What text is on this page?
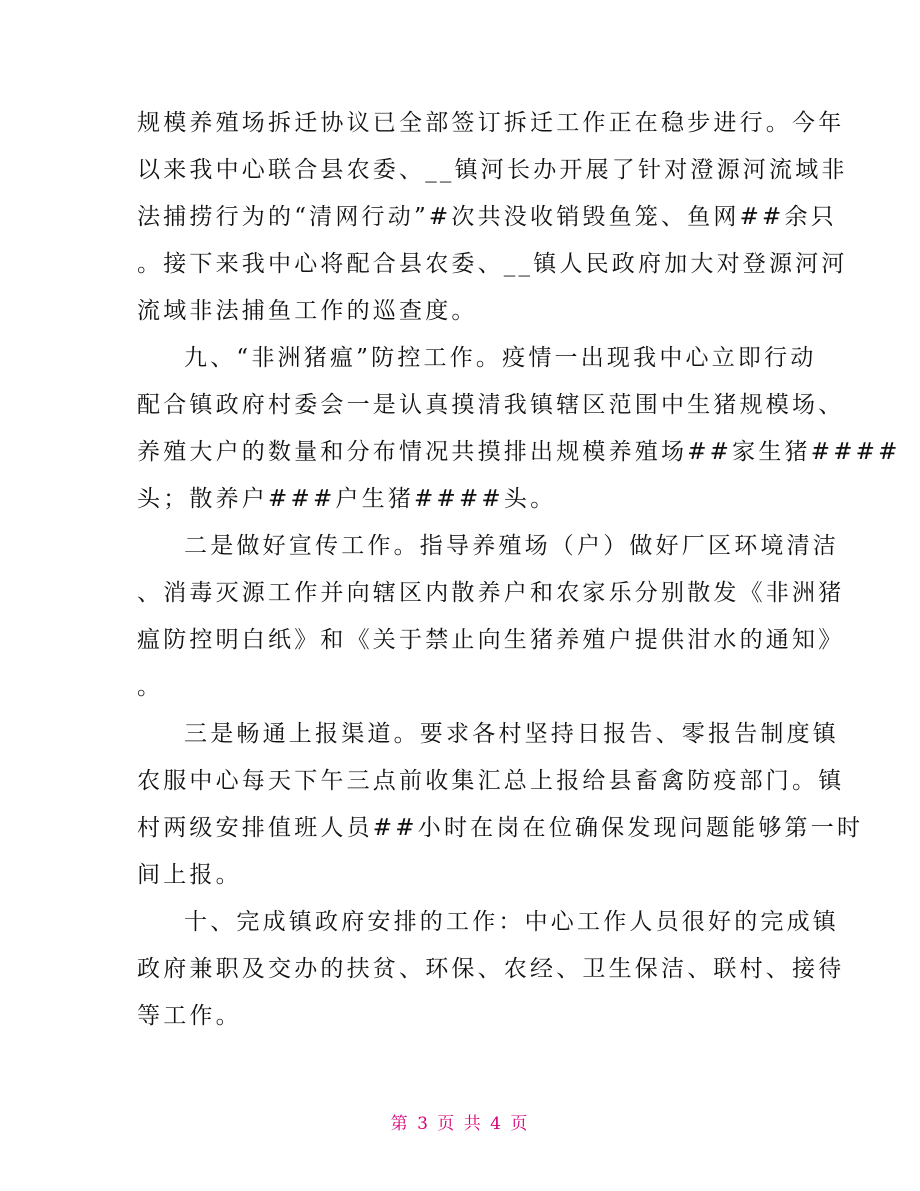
规模养殖场拆迁协议已全部签订拆迁工作正在稳步进行。今年
以来我中心联合县农委、__镇河长办开展了针对澄源河流域非
法捕捞行为的“清网行动”#次共没收销毁鱼笼、鱼网##余只
。接下来我中心将配合县农委、__镇人民政府加大对登源河河
流域非法捕鱼工作的巡查度。
九、“非洲猪瘟”防控工作。疫情一出现我中心立即行动
配合镇政府村委会一是认真摸清我镇辖区范围中生猪规模场、
养殖大户的数量和分布情况共摸排出规模养殖场##家生猪####
头；散养户###户生猪####头。
二是做好宣传工作。指导养殖场（户）做好厂区环境清洁
、消毒灭源工作并向辖区内散养户和农家乐分别散发《非洲猪
瘟防控明白纸》和《关于禁止向生猪养殖户提供泔水的通知》
。
三是畅通上报渠道。要求各村坚持日报告、零报告制度镇
农服中心每天下午三点前收集汇总上报给县畜禽防疫部门。镇
村两级安排值班人员##小时在岗在位确保发现问题能够第一时
间上报。
十、完成镇政府安排的工作：中心工作人员很好的完成镇
政府兼职及交办的扶贫、环保、农经、卫生保洁、联村、接待
等工作。
第 3 页 共 4 页
